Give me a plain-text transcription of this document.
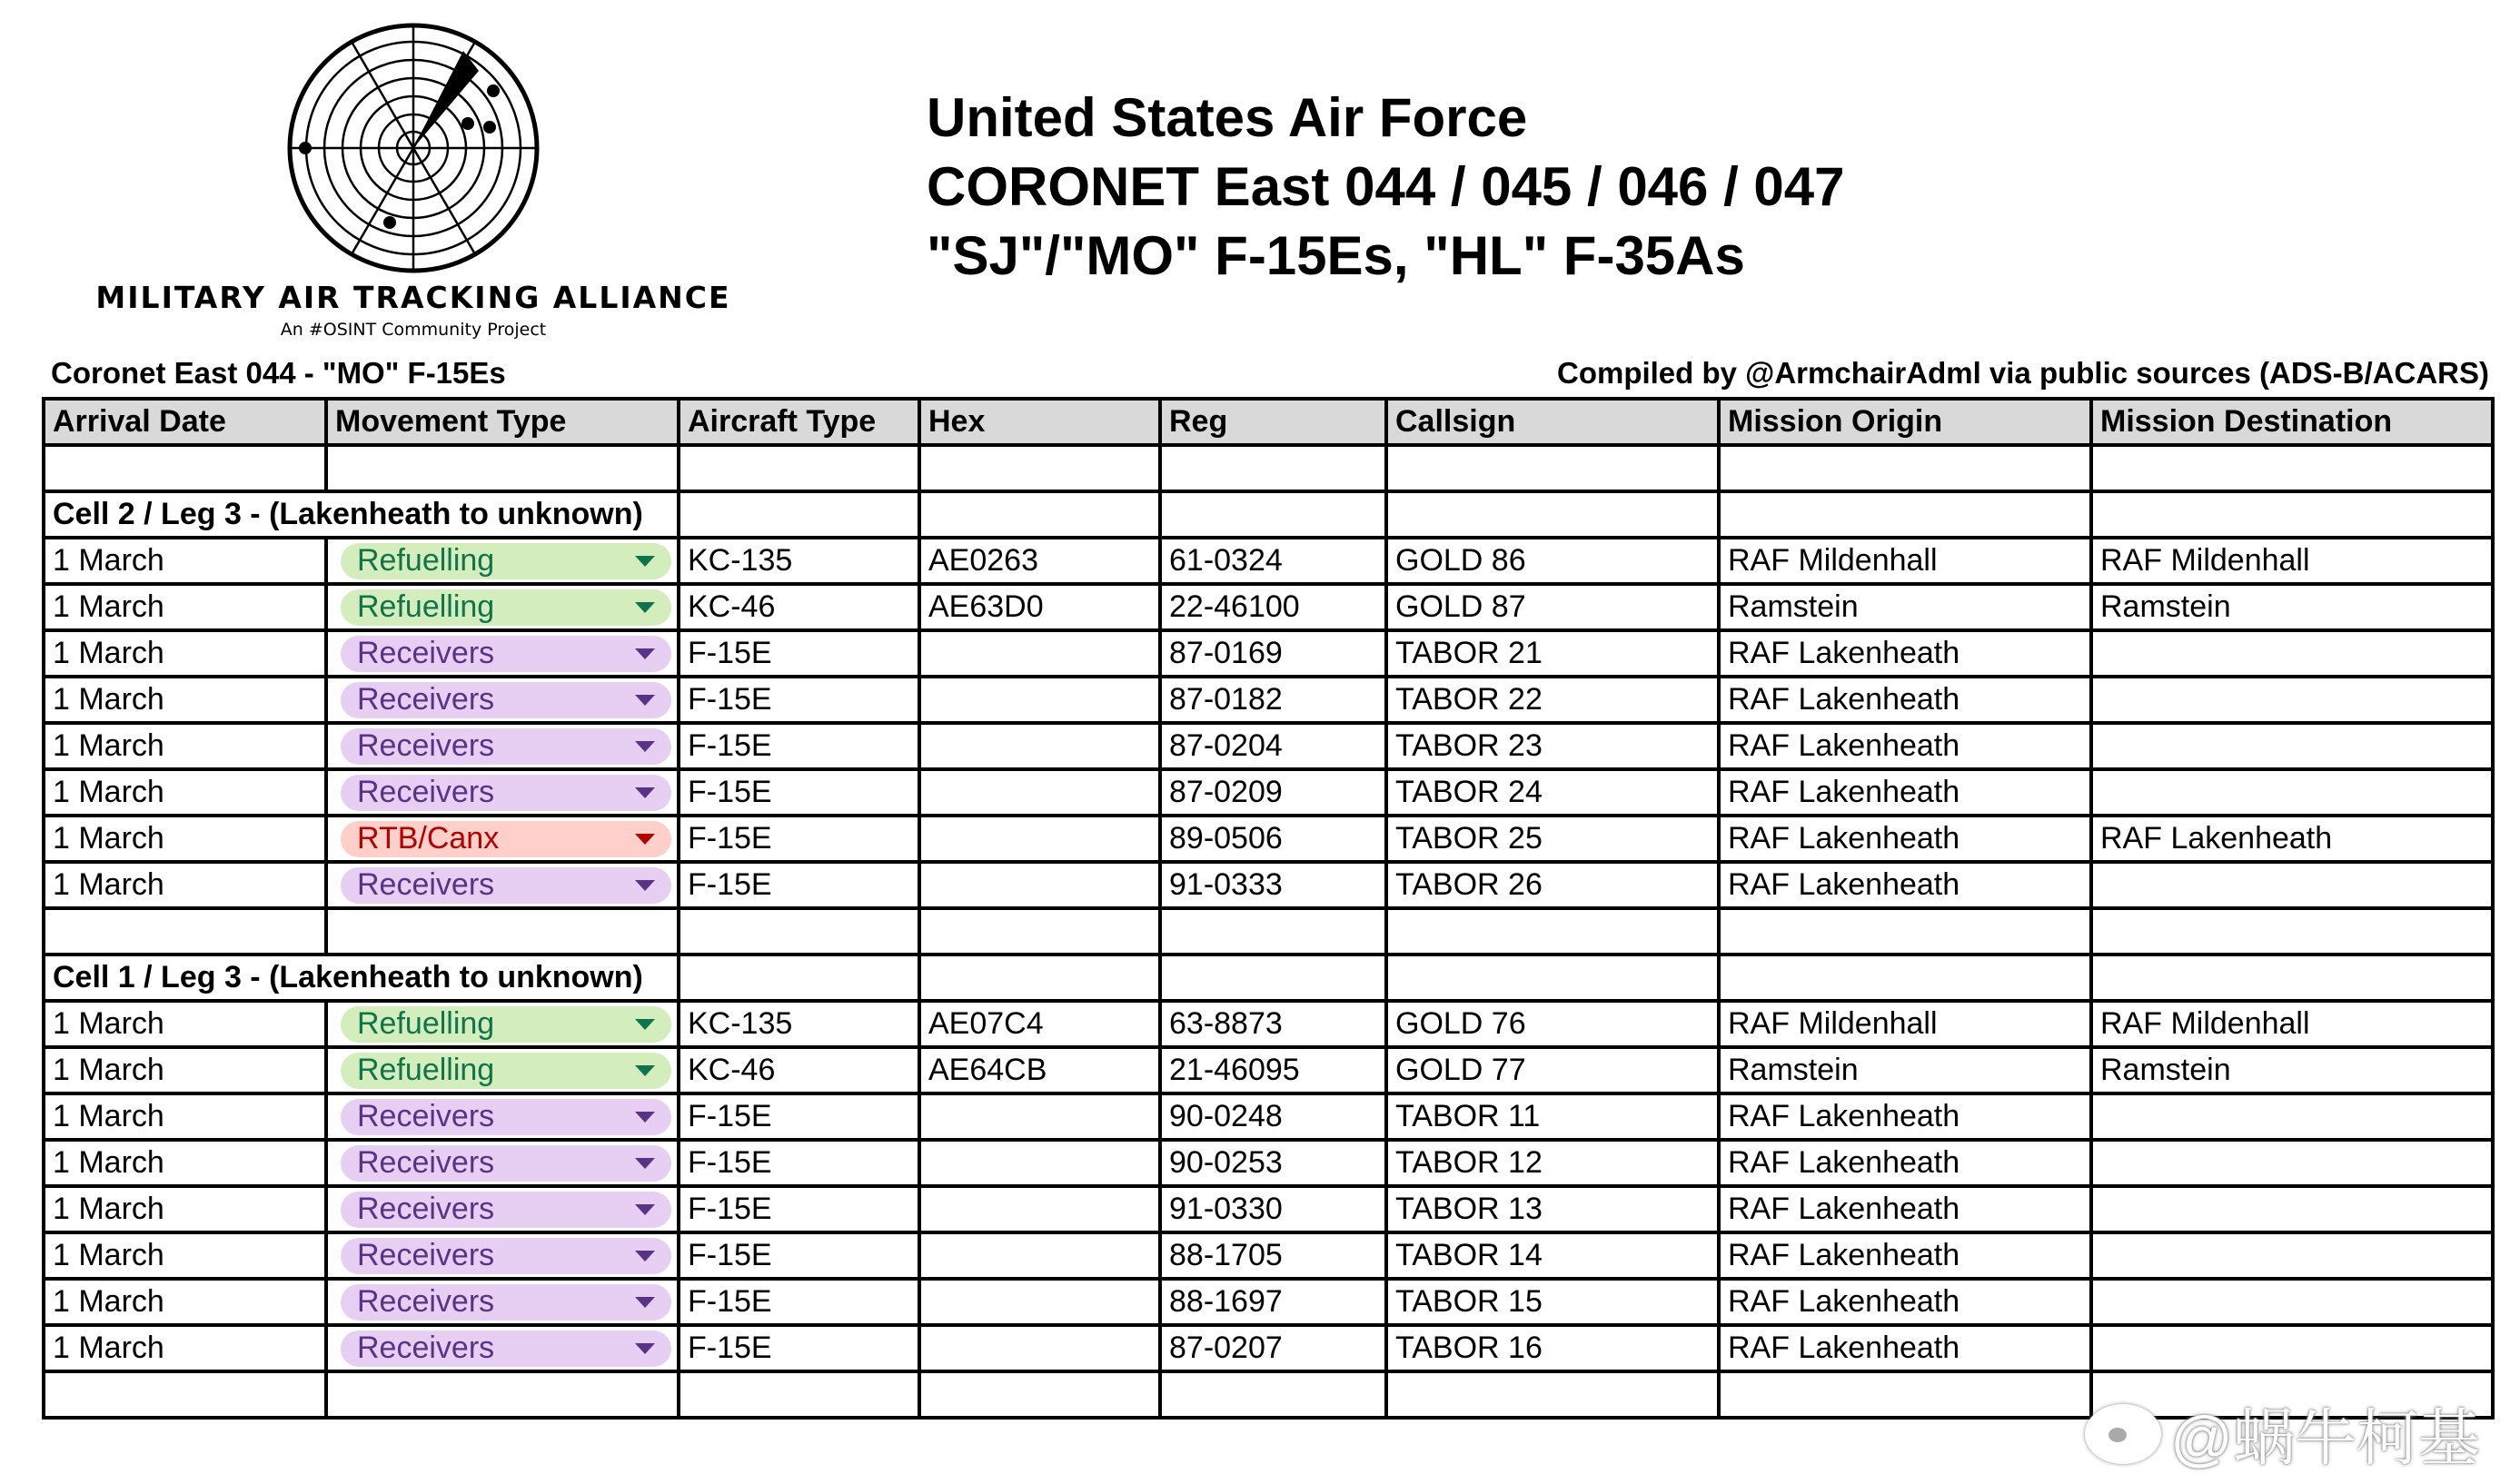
MILITARY AIR TRACKING ALLIANCE
An #OSINT Community Project
United States Air Force
CORONET East 044 / 045 / 046 / 047
"SJ"/"MO" F-15Es, "HL" F-35As
Coronet East 044 - "MO" F-15Es	Compiled by @ArmchairAdml via public sources (ADS-B/ACARS)
Arrival Date	Movement Type	Aircraft Type	Hex	Reg	Callsign	Mission Origin	Mission Destination

Cell 2 / Leg 3 - (Lakenheath to unknown)							
1 March	Refuelling	KC-135	AE0263	61-0324	GOLD 86	RAF Mildenhall	RAF Mildenhall
1 March	Refuelling	KC-46	AE63D0	22-46100	GOLD 87	Ramstein	Ramstein
1 March	Receivers	F-15E		87-0169	TABOR 21	RAF Lakenheath	
1 March	Receivers	F-15E		87-0182	TABOR 22	RAF Lakenheath	
1 March	Receivers	F-15E		87-0204	TABOR 23	RAF Lakenheath	
1 March	Receivers	F-15E		87-0209	TABOR 24	RAF Lakenheath	
1 March	RTB/Canx	F-15E		89-0506	TABOR 25	RAF Lakenheath	RAF Lakenheath
1 March	Receivers	F-15E		91-0333	TABOR 26	RAF Lakenheath	

Cell 1 / Leg 3 - (Lakenheath to unknown)							
1 March	Refuelling	KC-135	AE07C4	63-8873	GOLD 76	RAF Mildenhall	RAF Mildenhall
1 March	Refuelling	KC-46	AE64CB	21-46095	GOLD 77	Ramstein	Ramstein
1 March	Receivers	F-15E		90-0248	TABOR 11	RAF Lakenheath	
1 March	Receivers	F-15E		90-0253	TABOR 12	RAF Lakenheath	
1 March	Receivers	F-15E		91-0330	TABOR 13	RAF Lakenheath	
1 March	Receivers	F-15E		88-1705	TABOR 14	RAF Lakenheath	
1 March	Receivers	F-15E		88-1697	TABOR 15	RAF Lakenheath	
1 March	Receivers	F-15E		87-0207	TABOR 16	RAF Lakenheath	

@蜗牛柯基
